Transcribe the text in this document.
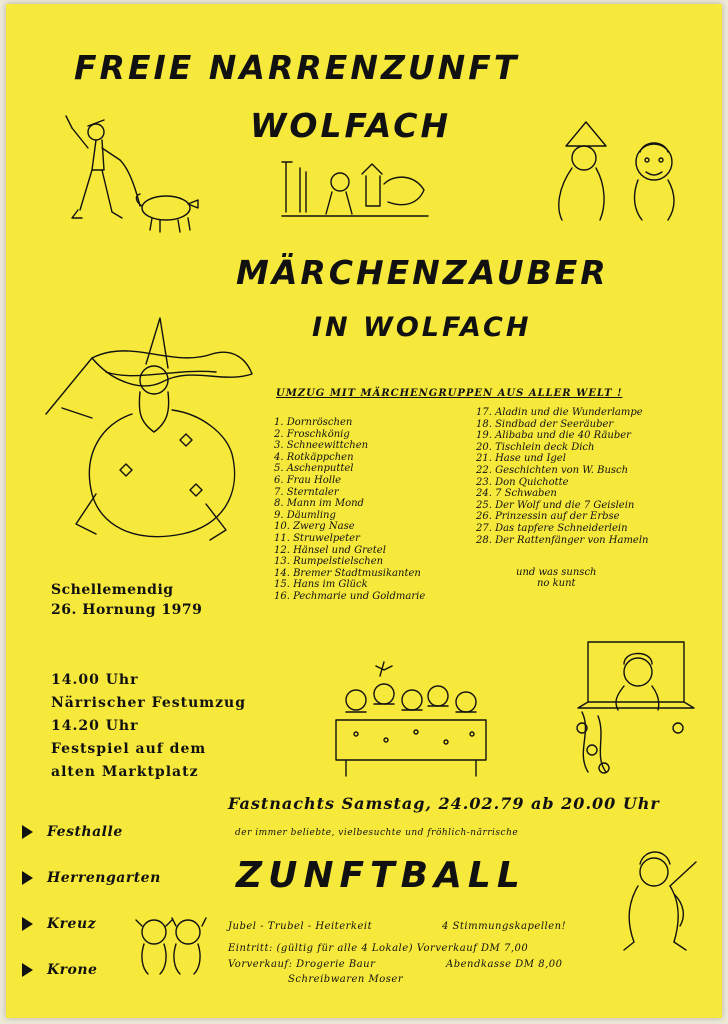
FREIE NARRENZUNFT
WOLFACH
MÄRCHENZAUBER
IN WOLFACH
UMZUG MIT MÄRCHENGRUPPEN AUS ALLER WELT !
1. Dornröschen
2. Froschkönig
3. Schneewittchen
4. Rotkäppchen
5. Aschenputtel
6. Frau Holle
7. Sterntaler
8. Mann im Mond
9. Däumling
10. Zwerg Nase
11. Struwelpeter
12. Hänsel und Gretel
13. Rumpelstielschen
14. Bremer Stadtmusikanten
15. Hans im Glück
16. Pechmarie und Goldmarie
17. Aladin und die Wunderlampe
18. Sindbad der Seeräuber
19. Alibaba und die 40 Räuber
20. Tischlein deck Dich
21. Hase und Igel
22. Geschichten von W. Busch
23. Don Quichotte
24. 7 Schwaben
25. Der Wolf und die 7 Geislein
26. Prinzessin auf der Erbse
27. Das tapfere Schneiderlein
28. Der Rattenfänger von Hameln
und was sunsch
no kunt
Schellemendig
26. Hornung 1979
14.00 Uhr
Närrischer Festumzug
14.20 Uhr
Festspiel auf dem
alten Marktplatz
Fastnachts Samstag, 24.02.79 ab 20.00 Uhr
der immer beliebte, vielbesuchte und fröhlich-närrische
ZUNFTBALL
Jubel - Trubel - Heiterkeit	4 Stimmungskapellen!
Eintritt: (gültig für alle 4 Lokale) Vorverkauf DM 7,00
Vorverkauf: Drogerie Baur	Abendkasse DM 8,00
Schreibwaren Moser
Festhalle
Herrengarten
Kreuz
Krone
